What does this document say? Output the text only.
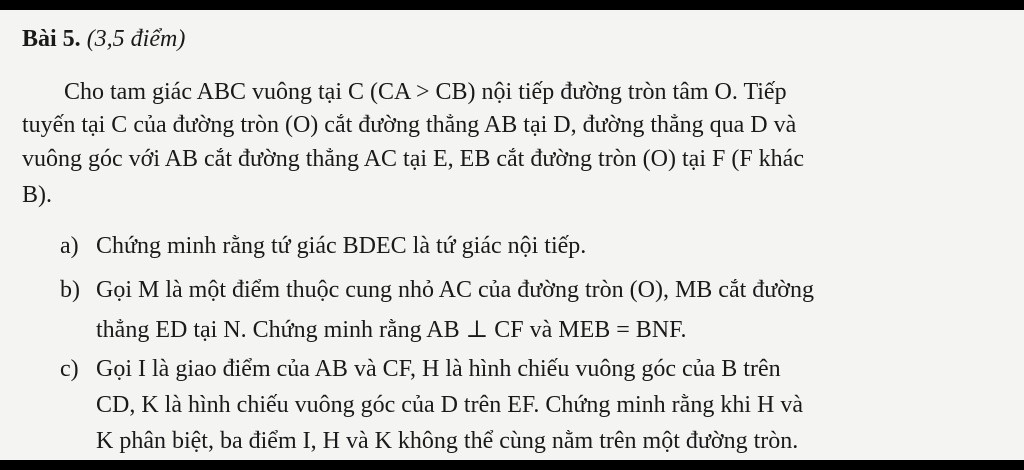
Bài 5. (3,5 điểm)
Cho tam giác ABC vuông tại C (CA > CB) nội tiếp đường tròn tâm O. Tiếp
tuyến tại C của đường tròn (O) cắt đường thẳng AB tại D, đường thẳng qua D và
vuông góc với AB cắt đường thẳng AC tại E, EB cắt đường tròn (O) tại F (F khác
B).
a) Chứng minh rằng tứ giác BDEC là tứ giác nội tiếp.
b) Gọi M là một điểm thuộc cung nhỏ AC của đường tròn (O), MB cắt đường
thẳng ED tại N. Chứng minh rằng AB ⊥ CF và MEB = BNF.
c) Gọi I là giao điểm của AB và CF, H là hình chiếu vuông góc của B trên
CD, K là hình chiếu vuông góc của D trên EF. Chứng minh rằng khi H và
K phân biệt, ba điểm I, H và K không thể cùng nằm trên một đường tròn.
